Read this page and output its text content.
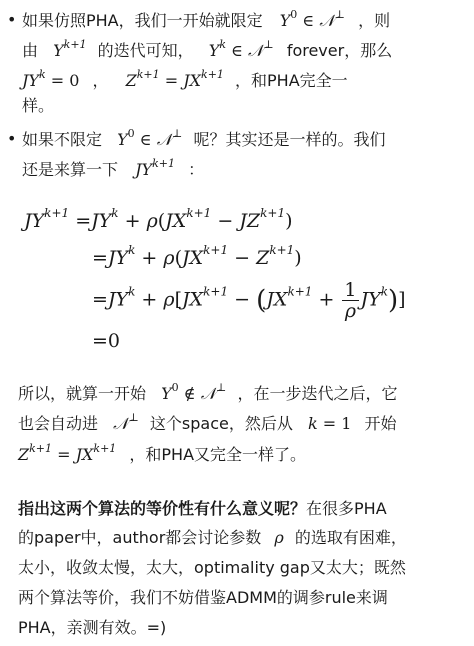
• 如果仿照PHA，我们一开始就限定 $Y^0$ ∈ 𝒩⊥ ，则
由 $Y^{k+1}$ 的迭代可知， $Y^k$ ∈ 𝒩⊥ forever，那么
$JY^k = 0$ ， $Z^{k+1} = JX^{k+1}$ ，和PHA完全一
样。
• 如果不限定 $Y^0$ ∈ 𝒩⊥ 呢？其实还是一样的。我们
还是来算一下 $JY^{k+1}$ ：
$JY^{k+1} =JY^k + \rho(JX^{k+1} - JZ^{k+1})$
$=JY^k + \rho(JX^{k+1} - Z^{k+1})$
$=JY^k + \rho[JX^{k+1} - (JX^{k+1} + \frac{1}{\rho} JY^k)]$
=0
所以，就算一开始 $Y^0$ ∉ 𝒩⊥ ，在一步迭代之后，它
也会自动进 𝒩⊥ 这个space，然后从 k = 1 开始
$Z^{k+1} = JX^{k+1}$ ，和PHA又完全一样了。
指出这两个算法的等价性有什么意义呢？在很多PHA
的paper中，author都会讨论参数 ρ 的选取有困难，
太小，收敛太慢，太大，optimality gap又太大；既然
两个算法等价，我们不妨借鉴ADMM的调参rule来调
PHA，亲测有效。=)
